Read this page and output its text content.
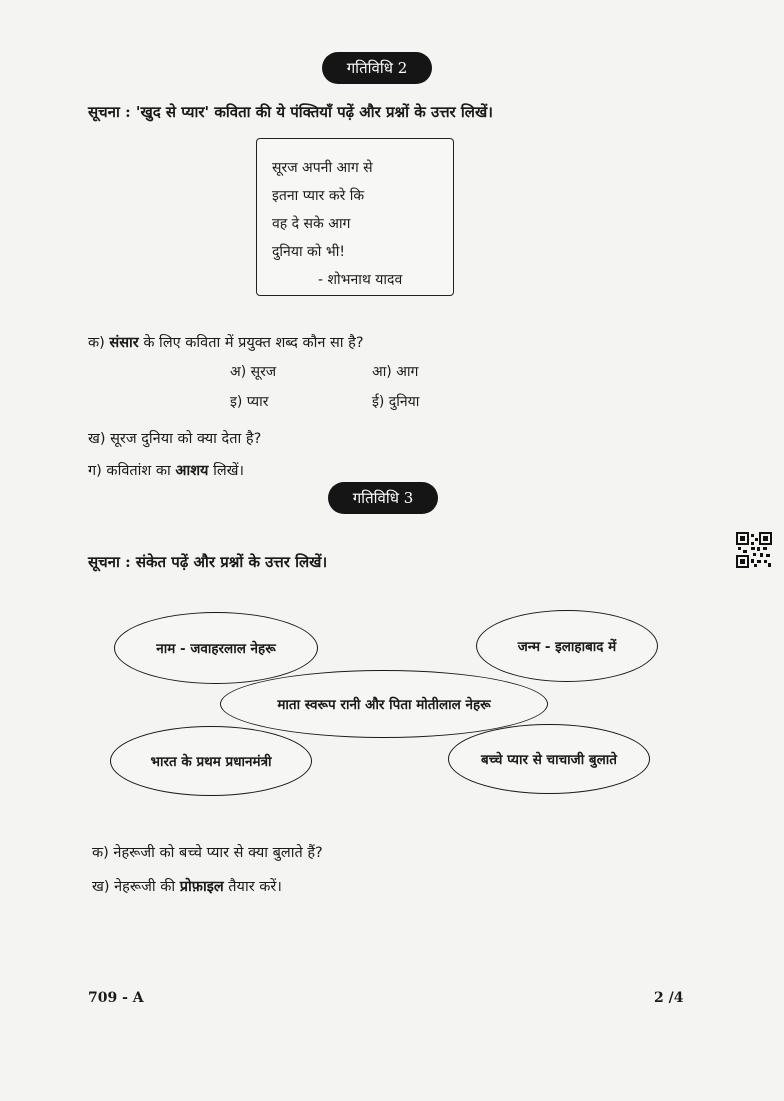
गतिविधि 2
सूचना : 'खुद से प्यार' कविता की ये पंक्तियाँ पढ़ें और प्रश्नों के उत्तर लिखें।
सूरज अपनी आग से
इतना प्यार करे कि
वह दे सके आग
दुनिया को भी!
- शोभनाथ यादव
क) संसार के लिए कविता में प्रयुक्त शब्द कौन सा है?
अ) सूरज	आ) आग
इ) प्यार	ई) दुनिया
ख) सूरज दुनिया को क्या देता है?
ग) कवितांश का आशय लिखें।
गतिविधि 3
सूचना : संकेत पढ़ें और प्रश्नों के उत्तर लिखें।
नाम - जवाहरलाल नेहरू	जन्म - इलाहाबाद में
माता स्वरूप रानी और पिता मोतीलाल नेहरू
भारत के प्रथम प्रधानमंत्री	बच्चे प्यार से चाचाजी बुलाते
क) नेहरूजी को बच्चे प्यार से क्या बुलाते हैं?
ख) नेहरूजी की प्रोफ़ाइल तैयार करें।
709 - A	2 /4
